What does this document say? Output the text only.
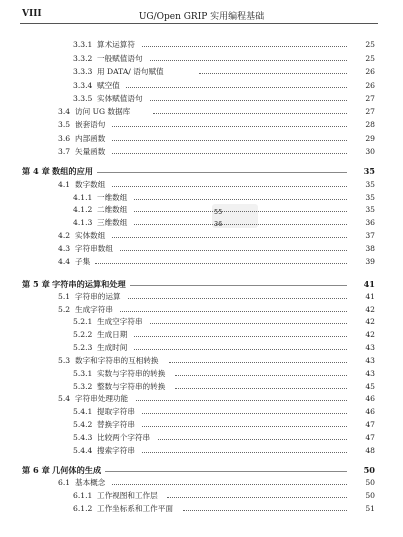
VIII	UG/Open GRIP 实用编程基础
55
36
3.3.1 算术运算符	25
3.3.2 一般赋值语句	25
3.3.3 用 DATA/ 语句赋值	26
3.3.4 赋空值	26
3.3.5 实体赋值语句	27
3.4 访问 UG 数据库	27
3.5 嵌套语句	28
3.6 内部函数	29
3.7 矢量函数	30
第 4 章 数组的应用	35
4.1 数字数组	35
4.1.1 一维数组	35
4.1.2 二维数组	35
4.1.3 三维数组	36
4.2 实体数组	37
4.3 字符串数组	38
4.4 子集	39
第 5 章 字符串的运算和处理	41
5.1 字符串的运算	41
5.2 生成字符串	42
5.2.1 生成空字符串	42
5.2.2 生成日期	42
5.2.3 生成时间	43
5.3 数字和字符串的互相转换	43
5.3.1 实数与字符串的转换	43
5.3.2 整数与字符串的转换	45
5.4 字符串处理功能	46
5.4.1 提取字符串	46
5.4.2 替换字符串	47
5.4.3 比较两个字符串	47
5.4.4 搜索字符串	48
第 6 章 几何体的生成	50
6.1 基本概念	50
6.1.1 工作视图和工作层	50
6.1.2 工作坐标系和工作平面	51
